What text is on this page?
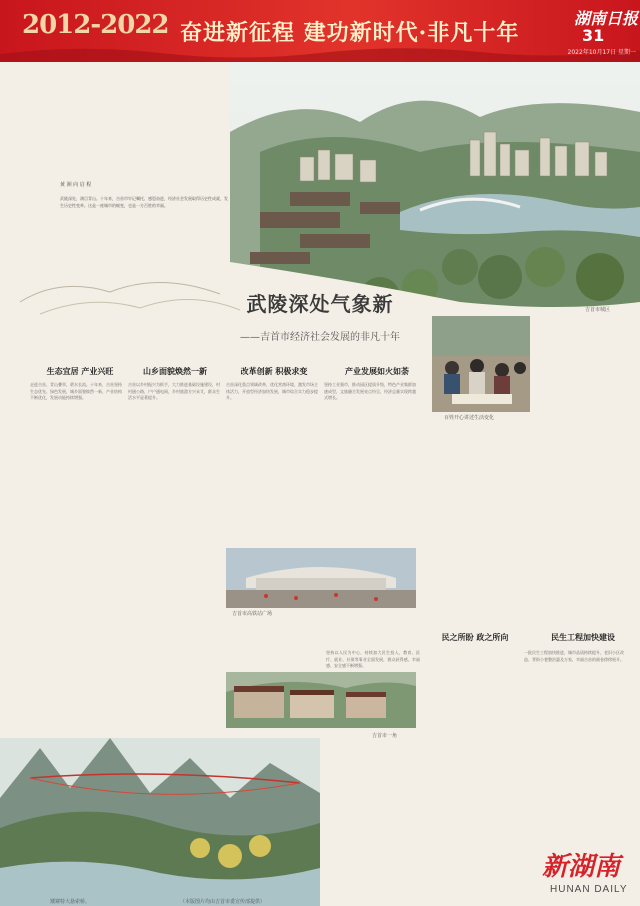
2012-2022 奋进新征程 建功新时代·非凡十年
湖南日报
31
2022年10月17日 星期一
黄 洲 向 启 程
武陵深处，满目青山。十年来，吉首市牢记嘱托、感恩奋进，经济社会发展取得历史性成就，发生历史性变革。这是一座城市的蜕变，也是一方百姓的幸福。
吉首市城区
武陵深处气象新
——吉首市经济社会发展的非凡十年
生态宜居 产业兴旺	山乡面貌焕然一新	改革创新 积极求变	产业发展如火如荼
走进吉首，青山叠翠，碧水长流。十年来，吉首坚持生态优先、绿色发展，城乡面貌焕然一新，产业结构不断优化，发展动能持续增强。
吉首以乡村振兴为抓手，大力推进基础设施建设，村村通公路、户户通电网，乡村旅游方兴未艾，群众生活水平显著提升。
吉首深化重点领域改革，优化营商环境，激发市场主体活力，开放型经济加快发展，城市综合实力稳步提升。
坚持工业强市，推动园区提质升级，特色产业集群加速成型，文旅融合发展亮点纷呈，经济总量实现跨越式增长。
百姓开心讲述生活变化
吉首市高铁站广场
吉首市一角
矮寨特大悬索桥。	（本版图片均由吉首市委宣传部提供）
民之所盼 政之所向	民生工程加快建设
坚持以人民为中心，持续加大民生投入，教育、医疗、就业、社保等事业全面发展，群众获得感、幸福感、安全感不断增强。
一批民生工程加快推进，城市品质持续提升，老旧小区改造、背街小巷整治惠及万家，幸福吉首的画卷徐徐展开。
新湖南
HUNAN DAILY
